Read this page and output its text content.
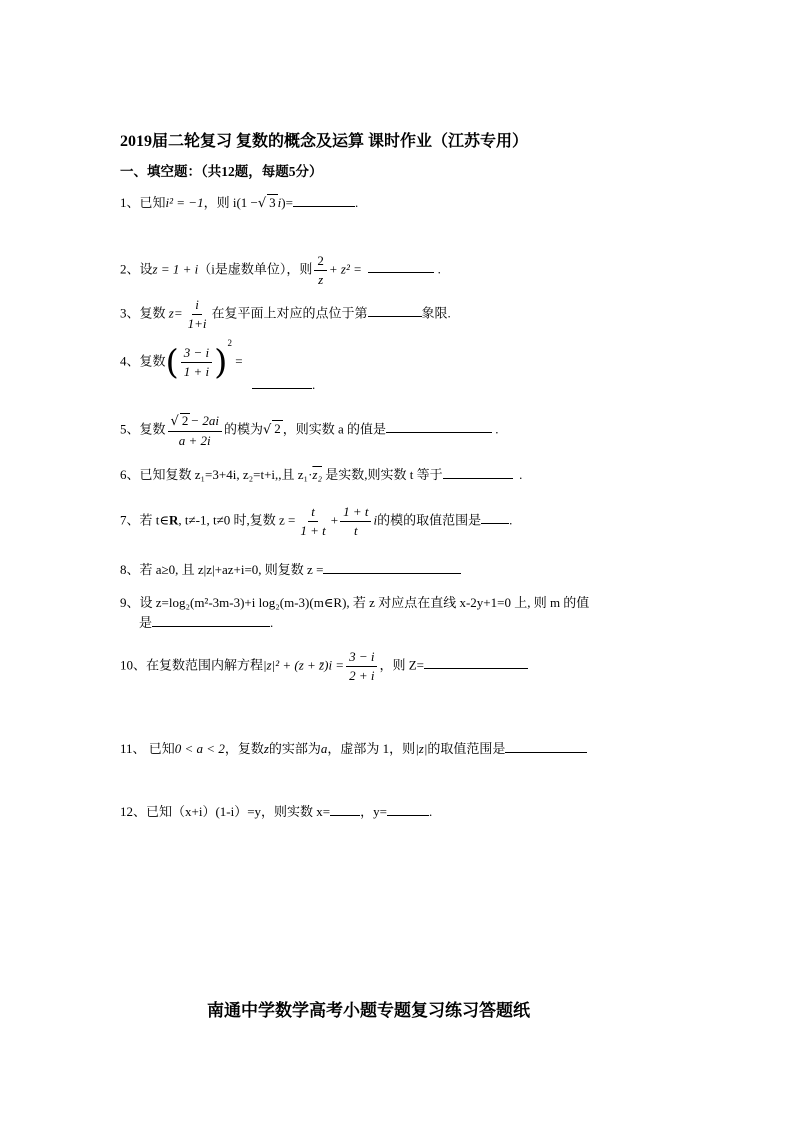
2019届二轮复习 复数的概念及运算 课时作业（江苏专用）
一、填空题：（共12题，每题5分）
1、已知i² = −1，则 i(1 −√ 3 i)=	.
2、设z = 1 + i（i是虚数单位），则 $\frac{2}{z} + z^2$ =	.
3、复数 $z= \frac{i}{1+i}$ 在复平面上对应的点位于第	象限.
4、复数( $\frac{3 - i}{1 + i} )^2$ =
.
5、复数 $\frac{√ 2 - 2ai}{a + 2i}$ 的模为√ 2 ，则实数 a 的值是	.
6、已知复数 z₁=3+4i, z₂=t+i,,且 z₁·z₂ 是实数,则实数 t 等于	.
7、若 t∈R, t≠-1, t≠0 时,复数 $z = \frac{t}{1 + t} + \frac{1 + t}{t}$ i的模的取值范围是 .
8、若 a≥0, 且 z|z|+az+i=0, 则复数 z =
9、设 z=log₂(m²-3m-3)+i log₂(m-3)(m∈R), 若 z 对应点在直线 x-2y+1=0 上, 则 m 的值
是	.
10、在复数范围内解方程|z|² + (z + z̄)i = $\frac{3 - i}{2 + i}$ ，则 Z=
11、 已知0 < a < 2，复数z的实部为a，虚部为 1，则|z|的取值范围是
12、已知（x+i）(1-i）=y，则实数 x= ，y=	.
南通中学数学高考小题专题复习练习答题纸
